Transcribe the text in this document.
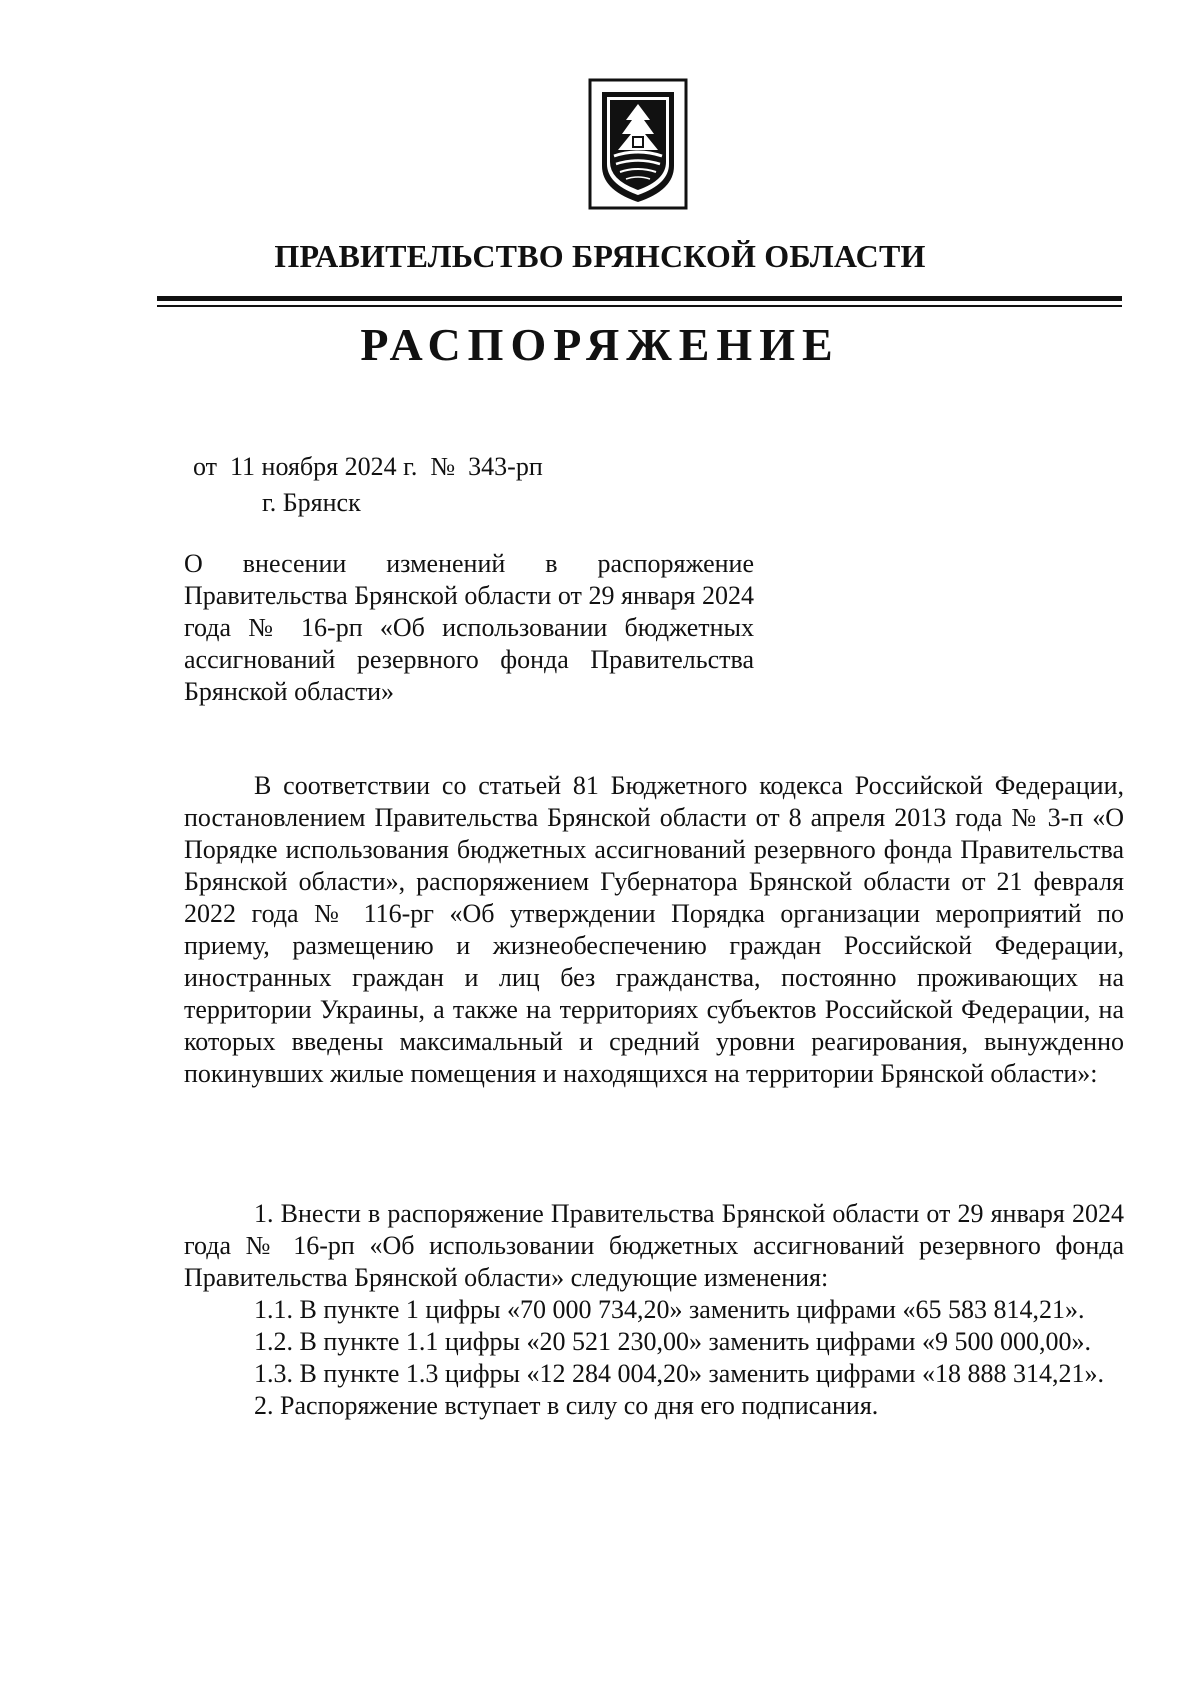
ПРАВИТЕЛЬСТВО БРЯНСКОЙ ОБЛАСТИ
РАСПОРЯЖЕНИЕ
от  11 ноября 2024 г.  №  343-рп
г. Брянск
О внесении изменений в распоряжение Правительства Брянской области от 29 января 2024 года № 16-рп «Об использовании бюджетных ассигнований резервного фонда Правительства Брянской области»

В соответствии со статьей 81 Бюджетного кодекса Российской Федерации, постановлением Правительства Брянской области от 8 апреля 2013 года № 3-п «О Порядке использования бюджетных ассигнований резервного фонда Правительства Брянской области», распоряжением Губернатора Брянской области от 21 февраля 2022 года № 116-рг «Об утверждении Порядка организации мероприятий по приему, размещению и жизнеобеспечению граждан Российской Федерации, иностранных граждан и лиц без гражданства, постоянно проживающих на территории Украины, а также на территориях субъектов Российской Федерации, на которых введены максимальный и средний уровни реагирования, вынужденно покинувших жилые помещения и находящихся на территории Брянской области»:

1. Внести в распоряжение Правительства Брянской области от 29 января 2024 года № 16-рп «Об использовании бюджетных ассигнований резервного фонда Правительства Брянской области» следующие изменения:

1.1. В пункте 1 цифры «70 000 734,20» заменить цифрами «65 583 814,21».

1.2. В пункте 1.1 цифры «20 521 230,00» заменить цифрами «9 500 000,00».

1.3. В пункте 1.3 цифры «12 284 004,20» заменить цифрами «18 888 314,21».

2. Распоряжение вступает в силу со дня его подписания.
